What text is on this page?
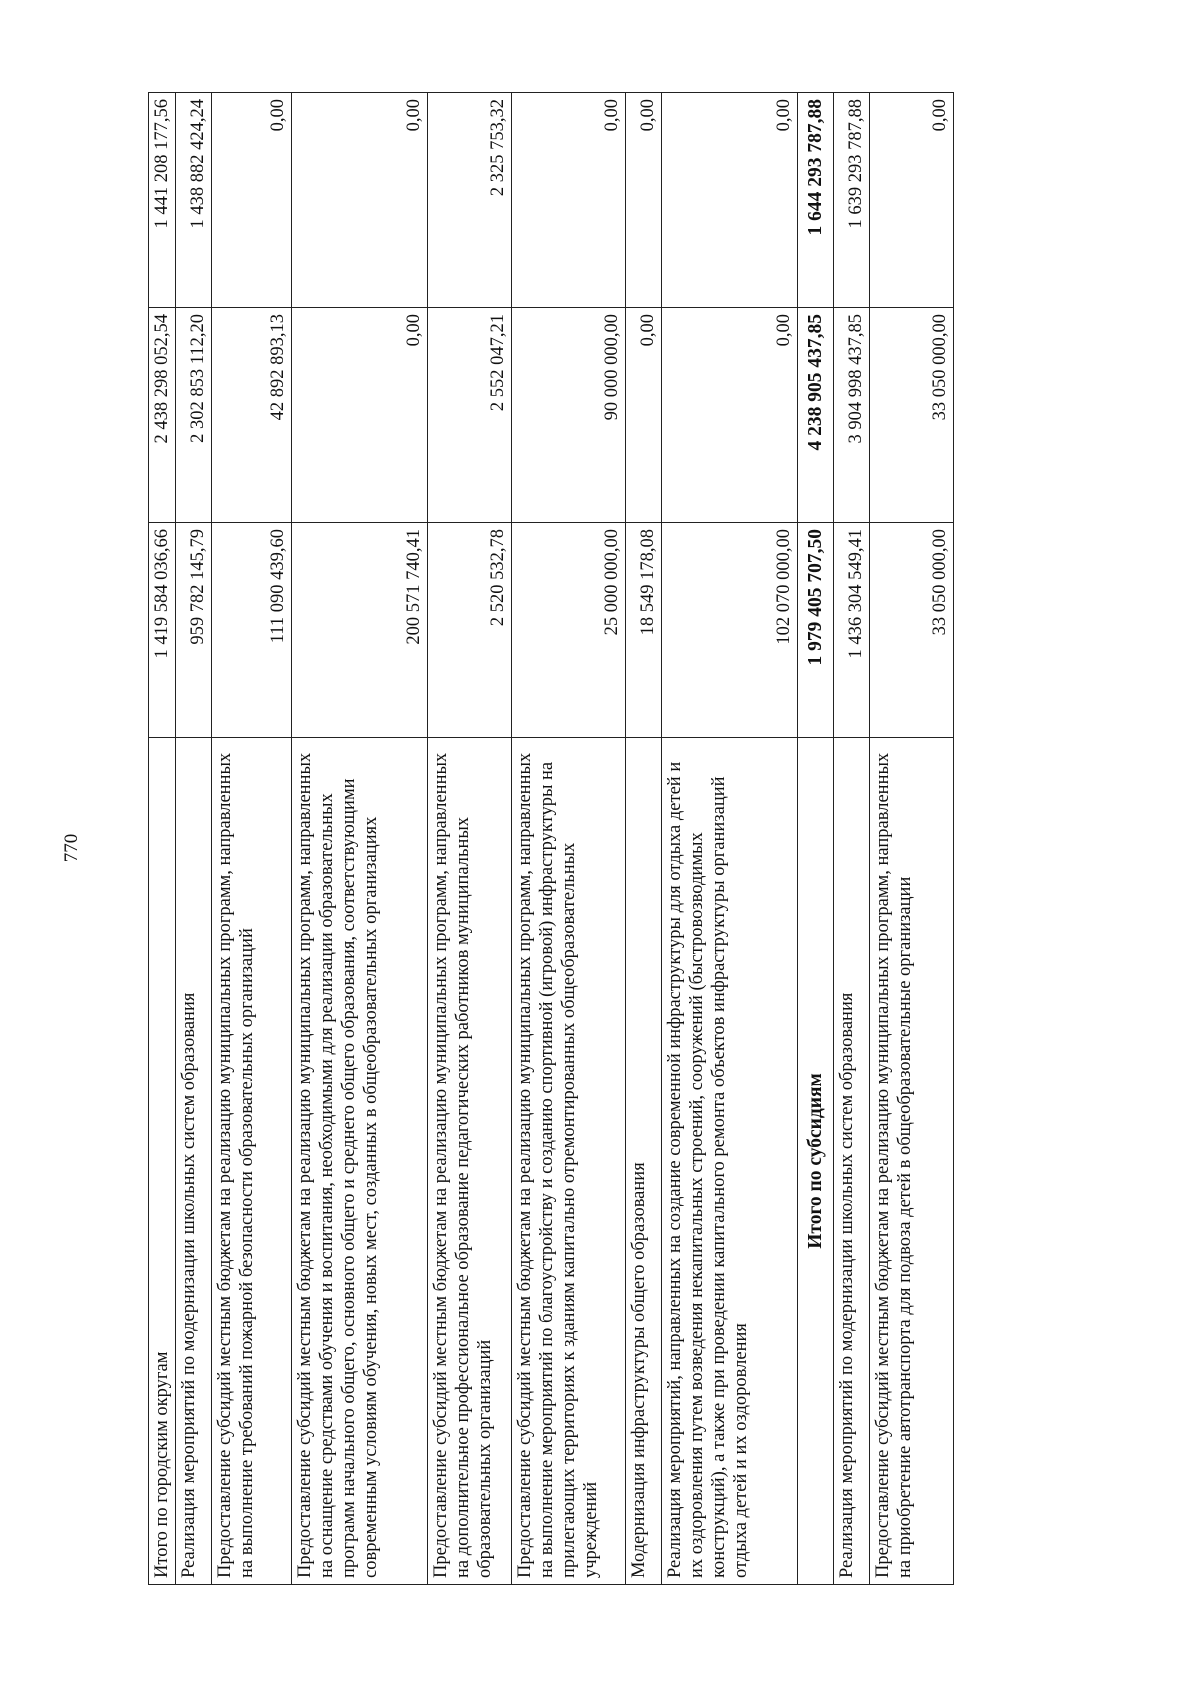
770
Итого по городским округам	1 419 584 036,66	2 438 298 052,54	1 441 208 177,56
Реализация мероприятий по модернизации школьных систем образования	959 782 145,79	2 302 853 112,20	1 438 882 424,24
Предоставление субсидий местным бюджетам на реализацию муниципальных программ, направленных на выполнение требований пожарной безопасности образовательных организаций	111 090 439,60	42 892 893,13	0,00
Предоставление субсидий местным бюджетам на реализацию муниципальных программ, направленных на оснащение средствами обучения и воспитания, необходимыми для реализации образовательных программ начального общего, основного общего и среднего общего образования, соответствующими современным условиям обучения, новых мест, созданных в общеобразовательных организациях	200 571 740,41	0,00	0,00
Предоставление субсидий местным бюджетам на реализацию муниципальных программ, направленных на дополнительное профессиональное образование педагогических работников муниципальных образовательных организаций	2 520 532,78	2 552 047,21	2 325 753,32
Предоставление субсидий местным бюджетам на реализацию муниципальных программ, направленных на выполнение мероприятий по благоустройству и созданию спортивной (игровой) инфраструктуры на прилегающих территориях к зданиям капитально отремонтированных общеобразовательных учреждений	25 000 000,00	90 000 000,00	0,00
Модернизация инфраструктуры общего образования	18 549 178,08	0,00	0,00
Реализация мероприятий, направленных на создание современной инфраструктуры для отдыха детей и их оздоровления путем возведения некапитальных строений, сооружений (быстровозводимых конструкций), а также при проведении капитального ремонта объектов инфраструктуры организаций отдыха детей и их оздоровления	102 070 000,00	0,00	0,00
Итого по субсидиям	1 979 405 707,50	4 238 905 437,85	1 644 293 787,88
Реализация мероприятий по модернизации школьных систем образования	1 436 304 549,41	3 904 998 437,85	1 639 293 787,88
Предоставление субсидий местным бюджетам на реализацию муниципальных программ, направленных на приобретение автотранспорта для подвоза детей в общеобразовательные организации	33 050 000,00	33 050 000,00	0,00
